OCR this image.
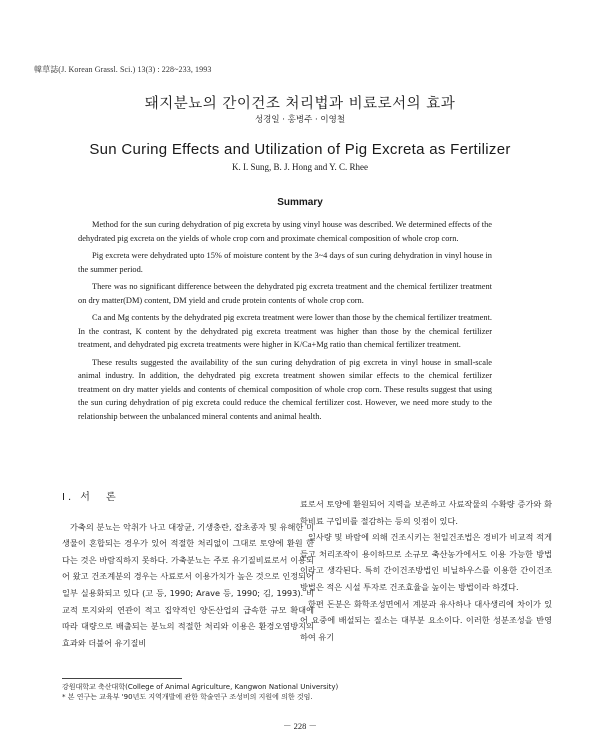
韓草誌(J. Korean Grassl. Sci.) 13(3) : 228~233, 1993
돼지분뇨의 간이건조 처리법과 비료로서의 효과
성경일 · 홍병주 · 이영철
Sun Curing Effects and Utilization of Pig Excreta as Fertilizer
K. I. Sung, B. J. Hong and Y. C. Rhee
Summary

Method for the sun curing dehydration of pig excreta by using vinyl house was described. We determined effects of the dehydrated pig excreta on the yields of whole crop corn and proximate chemical composition of whole crop corn.

Pig excreta were dehydrated upto 15% of moisture content by the 3~4 days of sun curing dehydration in vinyl house in the summer period.

There was no significant difference between the dehydrated pig excreta treatment and the chemical fertilizer treatment on dry matter(DM) content, DM yield and crude protein contents of whole crop corn.

Ca and Mg contents by the dehydrated pig excreta treatment were lower than those by the chemical fertilizer treatment. In the contrast, K content by the dehydrated pig excreta treatment was higher than those by the chemical fertilizer treatment, and dehydrated pig excreta treatments were higher in K/Ca+Mg ratio than chemical fertilizer treatment.

These results suggested the availability of the sun curing dehydration of pig excreta in vinyl house in small-scale animal industry. In addition, the dehydrated pig excreta treatment showen similar effects to the chemical fertilizer treatment on dry matter yields and contents of chemical composition of whole crop corn. These results suggest that using the sun curing dehydration of pig excreta could reduce the chemical fertilizer cost. However, we need more study to the relationship between the unbalanced mineral contents and animal health.

Ⅰ. 서　론

가축의 분뇨는 악취가 나고 대장균, 기생충란, 잡초종자 및 유해한 미생물이 혼합되는 경우가 있어 적절한 처리없이 그대로 토양에 환원 한다는 것은 바람직하지 못하다. 가축분뇨는 주로 유기질비료로서 이용되어 왔고 건조계분의 경우는 사료로서 이용가치가 높은 것으로 인정되어 일부 실용화되고 있다 (고 등, 1990; Arave 등, 1990; 김, 1993). 비교적 토지와의 연관이 적고 집약적인 양돈산업의 급속한 규모 확대에 따라 대량으로 배출되는 분뇨의 적절한 처리와 이용은 환경오염방지의 효과와 더불어 유기질비

료로서 토양에 환원되어 지력을 보존하고 사료작물의 수확량 증가와 화학비료 구입비를 절감하는 등의 잇점이 있다.

일사량 및 바람에 의해 건조시키는 천일건조법은 경비가 비교적 적게 들고 처리조작이 용이하므로 소규모 축산농가에서도 이용 가능한 방법이라고 생각된다. 특히 간이건조방법인 비닐하우스를 이용한 간이건조방법은 적은 시설 투자로 건조효율을 높이는 방법이라 하겠다.

한편 돈분은 화학조성면에서 계분과 유사하나 대사생리에 차이가 있어 요중에 배설되는 질소는 대부분 요소이다. 이러한 성분조성을 반영하여 유기

강원대학교 축산대학(College of Animal Agriculture, Kangwon National University)

* 본 연구는 교육부 '90년도 지역개발에 관한 학술연구 조성비의 지원에 의한 것임.

－ 228 －
